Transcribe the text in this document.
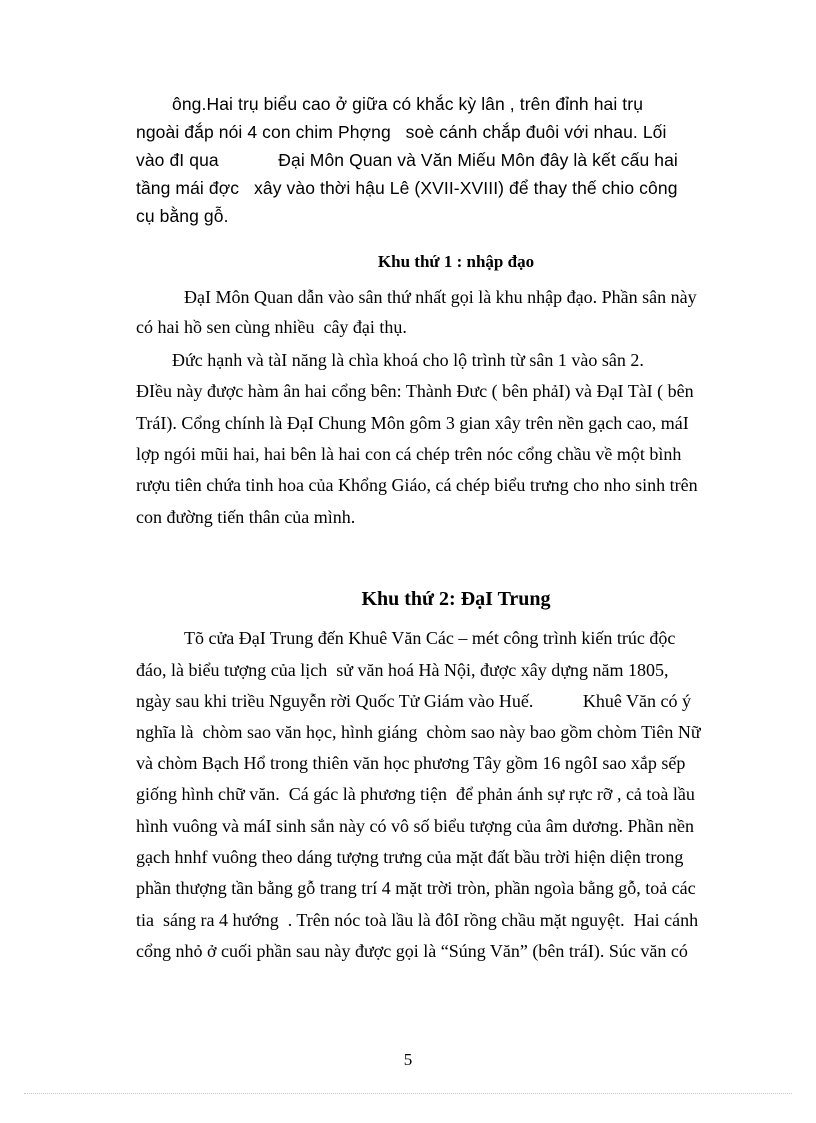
ông.Hai trụ biểu cao ở giữa có khắc kỳ lân , trên đỉnh hai trụ
ngoài đắp nói 4 con chim Phợng   soè cánh chắp đuôi với nhau. Lối
vào đI qua            Đại Môn Quan và Văn Miếu Môn đây là kết cấu hai
tầng mái đợc   xây vào thời hậu Lê (XVII-XVIII) để thay thế chio công
cụ bằng gỗ.
Khu thứ 1 : nhập đạo
ĐạI Môn Quan dẫn vào sân thứ nhất gọi là khu nhập đạo. Phần sân này
có hai hồ sen cùng nhiều  cây đại thụ.
Đức hạnh và tàI năng là chìa khoá cho lộ trình từ sân 1 vào sân 2.
ĐIều này được hàm ân hai cổng bên: Thành Đưc ( bên phảI) và ĐạI TàI ( bên
TráI). Cổng chính là ĐạI Chung Môn gôm 3 gian xây trên nền gạch cao, máI
lợp ngói mũi hai, hai bên là hai con cá chép trên nóc cổng chầu về một bình
rượu tiên chứa tinh hoa của Khổng Giáo, cá chép biểu trưng cho nho sinh trên
con đường tiến thân của mình.
Khu thứ 2: ĐạI Trung
Tõ cửa ĐạI Trung đến Khuê Văn Các – mét công trình kiến trúc độc
đáo, là biểu tượng của lịch  sử văn hoá Hà Nội, được xây dựng năm 1805,
ngày sau khi triều Nguyễn rời Quốc Tử Giám vào Huế.           Khuê Văn có ý
nghĩa là  chòm sao văn học, hình giáng  chòm sao này bao gồm chòm Tiên Nữ
và chòm Bạch Hổ trong thiên văn học phương Tây gồm 16 ngôI sao xắp sếp
giống hình chữ văn.  Cá gác là phương tiện  để phản ánh sự rực rỡ , cả toà lầu
hình vuông và máI sinh sắn này có vô số biểu tượng của âm dương. Phần nền
gạch hnhf vuông theo dáng tượng trưng của mặt đất bầu trời hiện diện trong
phần thượng tần bằng gỗ trang trí 4 mặt trời tròn, phần ngoìa bằng gỗ, toả các
tia  sáng ra 4 hướng  . Trên nóc toà lầu là đôI rồng chầu mặt nguyệt.  Hai cánh
cổng nhỏ ở cuối phần sau này được gọi là “Súng Văn” (bên tráI). Súc văn có
5
